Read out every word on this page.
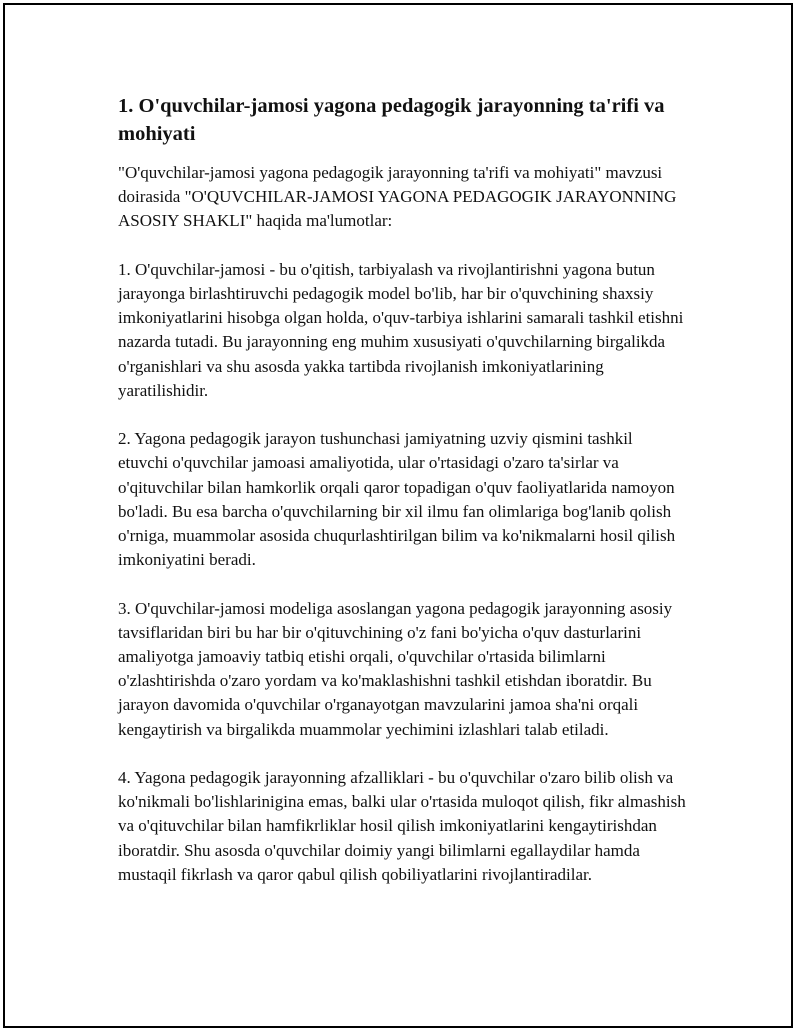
1. O'quvchilar-jamosi yagona pedagogik jarayonning ta'rifi va mohiyati

"O'quvchilar-jamosi yagona pedagogik jarayonning ta'rifi va mohiyati" mavzusi doirasida "O'QUVCHILAR-JAMOSI YAGONA PEDAGOGIK JARAYONNING ASOSIY SHAKLI" haqida ma'lumotlar:

1. O'quvchilar-jamosi - bu o'qitish, tarbiyalash va rivojlantirishni yagona butun jarayonga birlashtiruvchi pedagogik model bo'lib, har bir o'quvchining shaxsiy imkoniyatlarini hisobga olgan holda, o'quv-tarbiya ishlarini samarali tashkil etishni nazarda tutadi. Bu jarayonning eng muhim xususiyati o'quvchilarning birgalikda o'rganishlari va shu asosda yakka tartibda rivojlanish imkoniyatlarining yaratilishidir.

2. Yagona pedagogik jarayon tushunchasi jamiyatning uzviy qismini tashkil etuvchi o'quvchilar jamoasi amaliyotida, ular o'rtasidagi o'zaro ta'sirlar va o'qituvchilar bilan hamkorlik orqali qaror topadigan o'quv faoliyatlarida namoyon bo'ladi. Bu esa barcha o'quvchilarning bir xil ilmu fan olimlariga bog'lanib qolish o'rniga, muammolar asosida chuqurlashtirilgan bilim va ko'nikmalarni hosil qilish imkoniyatini beradi.

3. O'quvchilar-jamosi modeliga asoslangan yagona pedagogik jarayonning asosiy tavsiflaridan biri bu har bir o'qituvchining o'z fani bo'yicha o'quv dasturlarini amaliyotga jamoaviy tatbiq etishi orqali, o'quvchilar o'rtasida bilimlarni o'zlashtirishda o'zaro yordam va ko'maklashishni tashkil etishdan iboratdir. Bu jarayon davomida o'quvchilar o'rganayotgan mavzularini jamoa sha'ni orqali kengaytirish va birgalikda muammolar yechimini izlashlari talab etiladi.

4. Yagona pedagogik jarayonning afzalliklari - bu o'quvchilar o'zaro bilib olish va ko'nikmali bo'lishlarinigina emas, balki ular o'rtasida muloqot qilish, fikr almashish va o'qituvchilar bilan hamfikrliklar hosil qilish imkoniyatlarini kengaytirishdan iboratdir. Shu asosda o'quvchilar doimiy yangi bilimlarni egallaydilar hamda mustaqil fikrlash va qaror qabul qilish qobiliyatlarini rivojlantiradilar.
